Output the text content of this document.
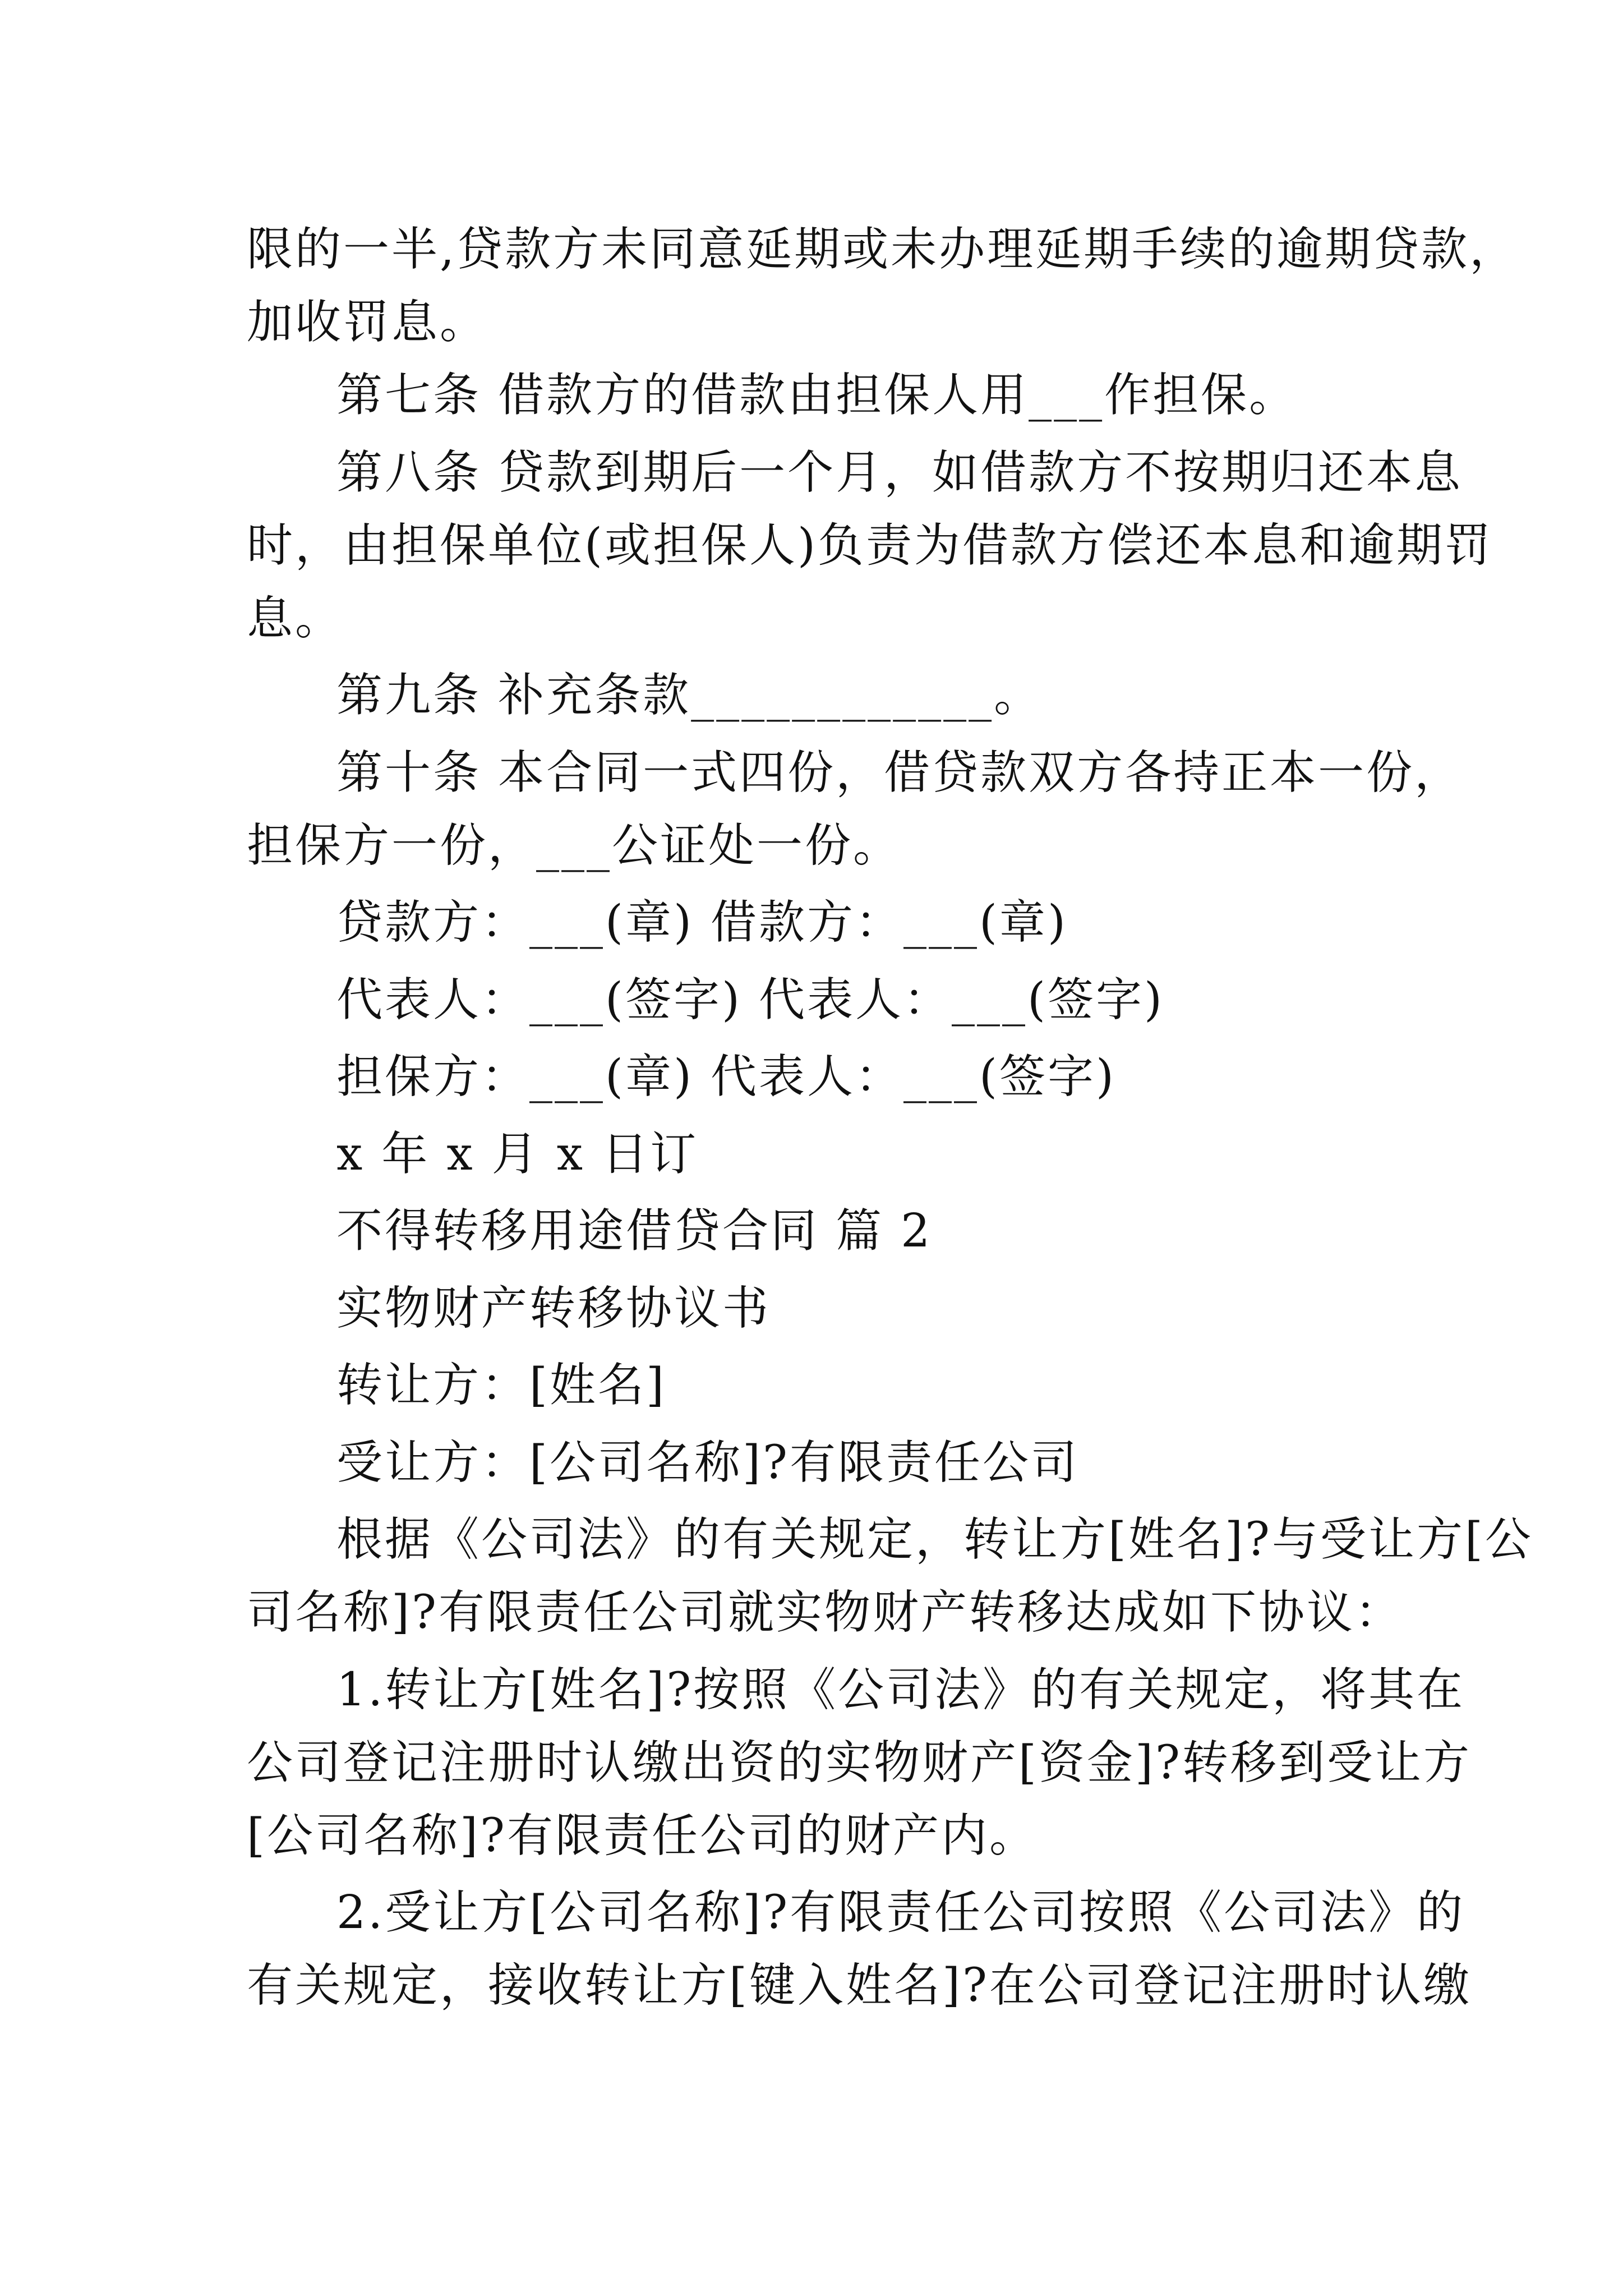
限的一半,贷款方未同意延期或未办理延期手续的逾期贷款，

加收罚息。

第七条 借款方的借款由担保人用___作担保。

第八条 贷款到期后一个月，如借款方不按期归还本息

时，由担保单位(或担保人)负责为借款方偿还本息和逾期罚

息。

第九条 补充条款____________。

第十条 本合同一式四份，借贷款双方各持正本一份，

担保方一份，___公证处一份。

贷款方：___(章) 借款方：___(章)

代表人：___(签字) 代表人：___(签字)

担保方：___(章) 代表人：___(签字)

x 年 x 月 x 日订

不得转移用途借贷合同 篇 2

实物财产转移协议书

转让方：[姓名]

受让方：[公司名称]?有限责任公司

根据《公司法》的有关规定，转让方[姓名]?与受让方[公

司名称]?有限责任公司就实物财产转移达成如下协议：

1.转让方[姓名]?按照《公司法》的有关规定，将其在

公司登记注册时认缴出资的实物财产[资金]?转移到受让方

[公司名称]?有限责任公司的财产内。

2.受让方[公司名称]?有限责任公司按照《公司法》的

有关规定，接收转让方[键入姓名]?在公司登记注册时认缴
